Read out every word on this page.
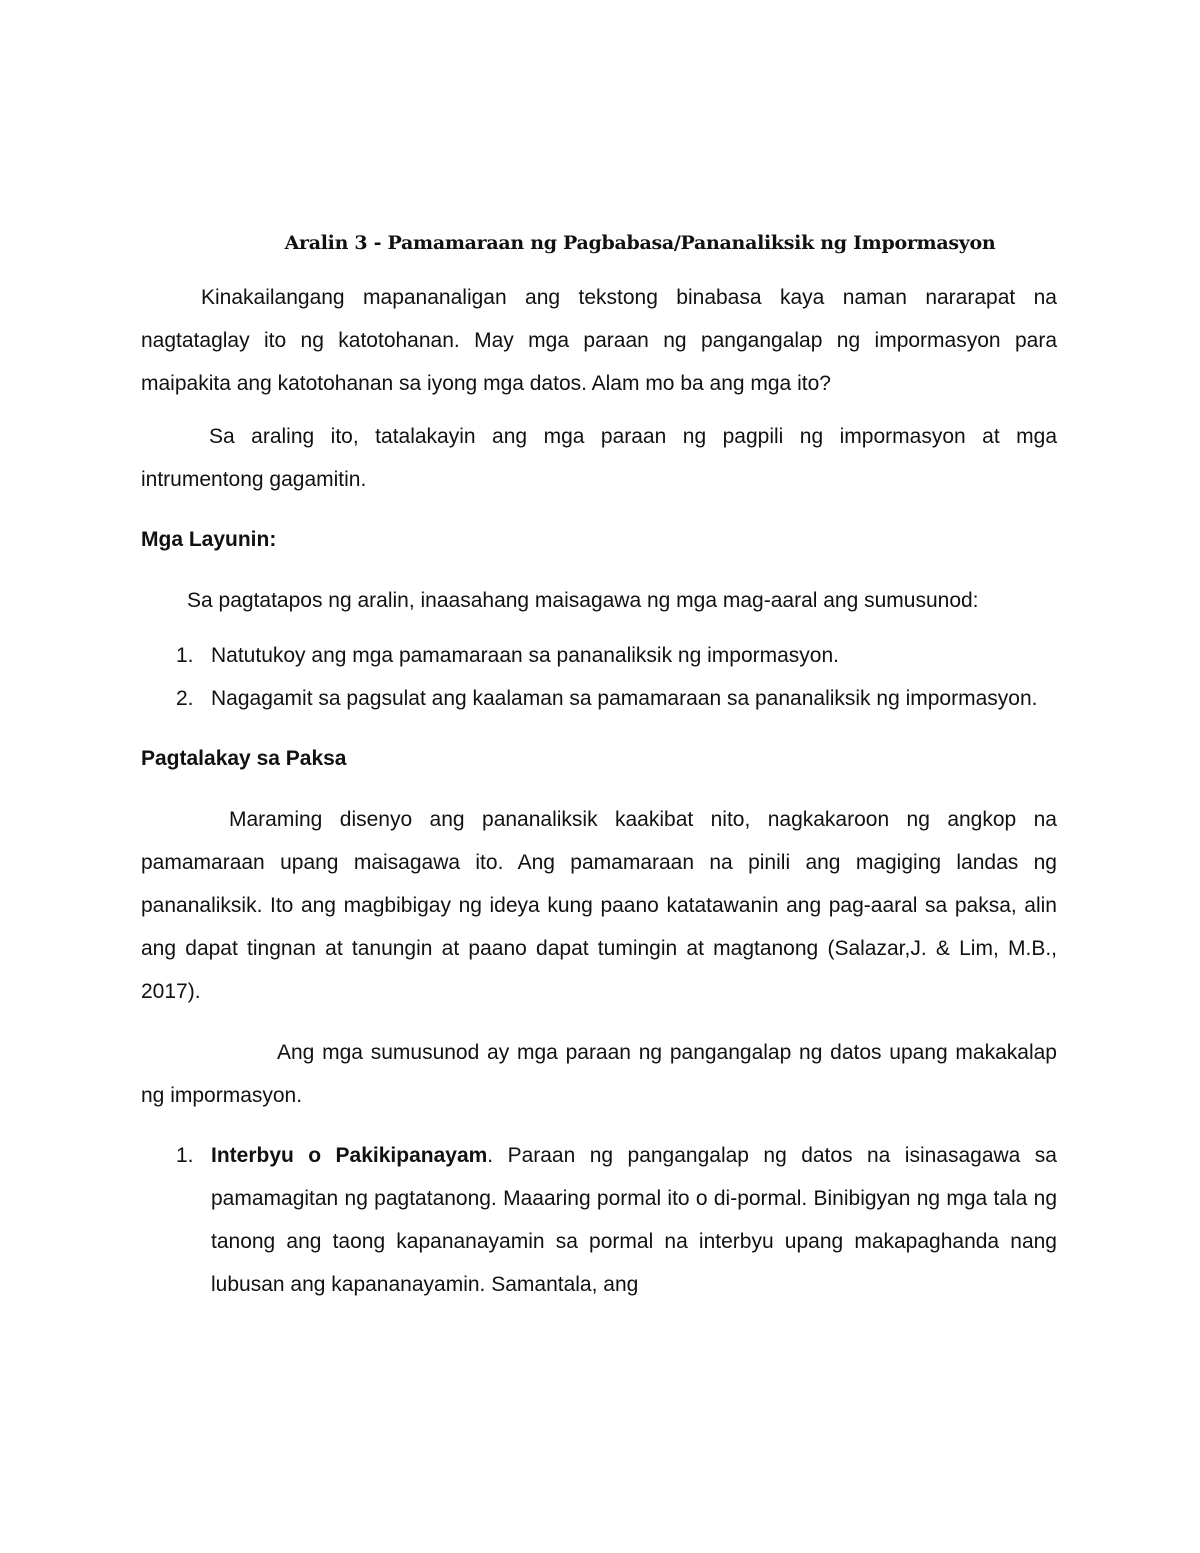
Aralin 3 - Pamamaraan ng Pagbabasa/Pananaliksik ng Impormasyon

Kinakailangang mapananaligan ang tekstong binabasa kaya naman nararapat na nagtataglay ito ng katotohanan. May mga paraan ng pangangalap ng impormasyon para maipakita ang katotohanan sa iyong mga datos. Alam mo ba ang mga ito?

Sa araling ito, tatalakayin ang mga paraan ng pagpili ng impormasyon at mga intrumentong gagamitin.

Mga Layunin:

Sa pagtatapos ng aralin, inaasahang maisagawa ng mga mag-aaral ang sumusunod:

1. Natutukoy ang mga pamamaraan sa pananaliksik ng impormasyon.
2. Nagagamit sa pagsulat ang kaalaman sa pamamaraan sa pananaliksik ng impormasyon.

Pagtalakay sa Paksa

Maraming disenyo ang pananaliksik kaakibat nito, nagkakaroon ng angkop na pamamaraan upang maisagawa ito. Ang pamamaraan na pinili ang magiging landas ng pananaliksik. Ito ang magbibigay ng ideya kung paano katatawanin ang pag-aaral sa paksa, alin ang dapat tingnan at tanungin at paano dapat tumingin at magtanong (Salazar,J. & Lim, M.B., 2017).

Ang mga sumusunod ay mga paraan ng pangangalap ng datos upang makakalap ng impormasyon.

1. Interbyu o Pakikipanayam. Paraan ng pangangalap ng datos na isinasagawa sa pamamagitan ng pagtatanong. Maaaring pormal ito o di-pormal. Binibigyan ng mga tala ng tanong ang taong kapananayamin sa pormal na interbyu upang makapaghanda nang lubusan ang kapananayamin. Samantala, ang
